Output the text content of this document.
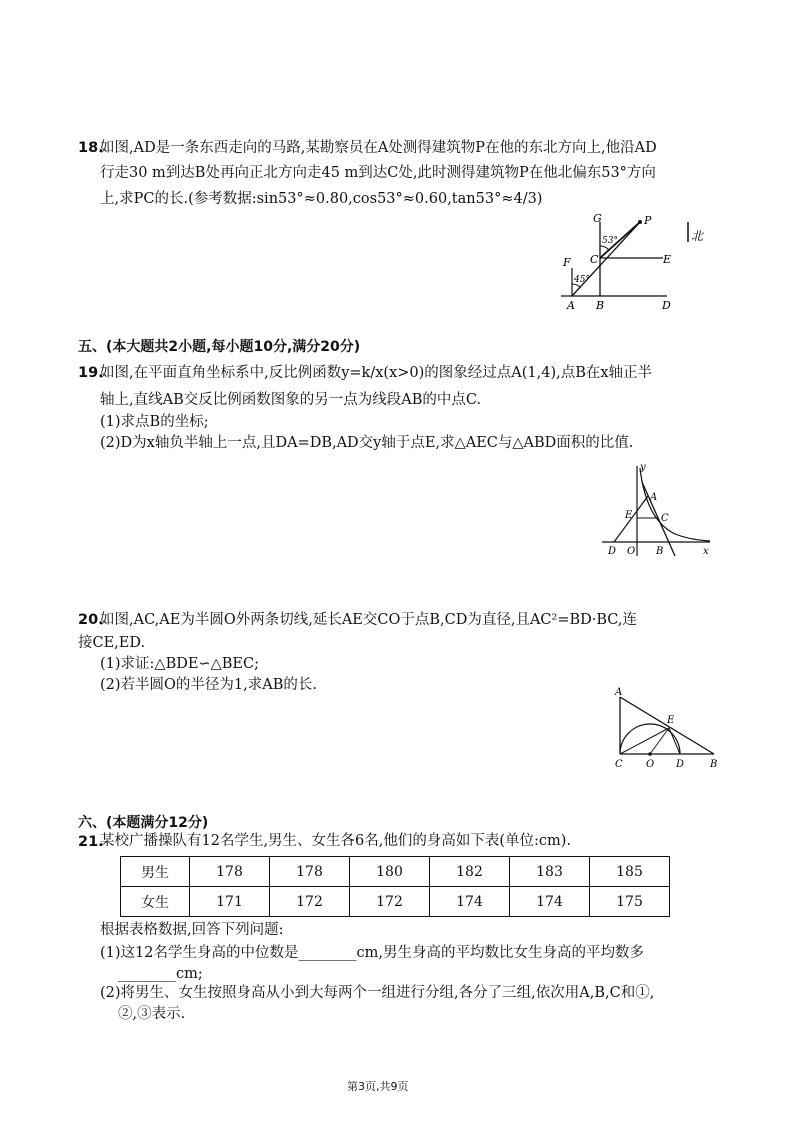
18.
如图,AD是一条东西走向的马路,某勘察员在A处测得建筑物P在他的东北方向上,他沿AD
行走30 m到达B处再向正北方向走45 m到达C处,此时测得建筑物P在他北偏东53°方向
上,求PC的长.(参考数据:sin53°≈0.80,cos53°≈0.60,tan53°≈4/3)
G	P
C	E
F
A B	D
53°
45°
北
五、(本大题共2小题,每小题10分,满分20分)
19.
如图,在平面直角坐标系中,反比例函数y=k/x(x>0)的图象经过点A(1,4),点B在x轴正半
轴上,直线AB交反比例函数图象的另一点为线段AB的中点C.
(1)求点B的坐标;
(2)D为x轴负半轴上一点,且DA=DB,AD交y轴于点E,求△AEC与△ABD面积的比值.
y
A
E	C
D O B	x
20.
如图,AC,AE为半圆O外两条切线,延长AE交CO于点B,CD为直径,且AC²=BD·BC,连
接CE,ED.
(1)求证:△BDE∽△BEC;
(2)若半圆O的半径为1,求AB的长.	A
E
C O D	B
六、(本题满分12分)
21.
某校广播操队有12名学生,男生、女生各6名,他们的身高如下表(单位:cm).
男生	178	178	180	182	183	185
女生	171	172	172	174	174	175
根据表格数据,回答下列问题:
(1)这12名学生身高的中位数是________cm,男生身高的平均数比女生身高的平均数多
________cm;
(2)将男生、女生按照身高从小到大每两个一组进行分组,各分了三组,依次用A,B,C和①,
②,③表示.
第3页,共9页
